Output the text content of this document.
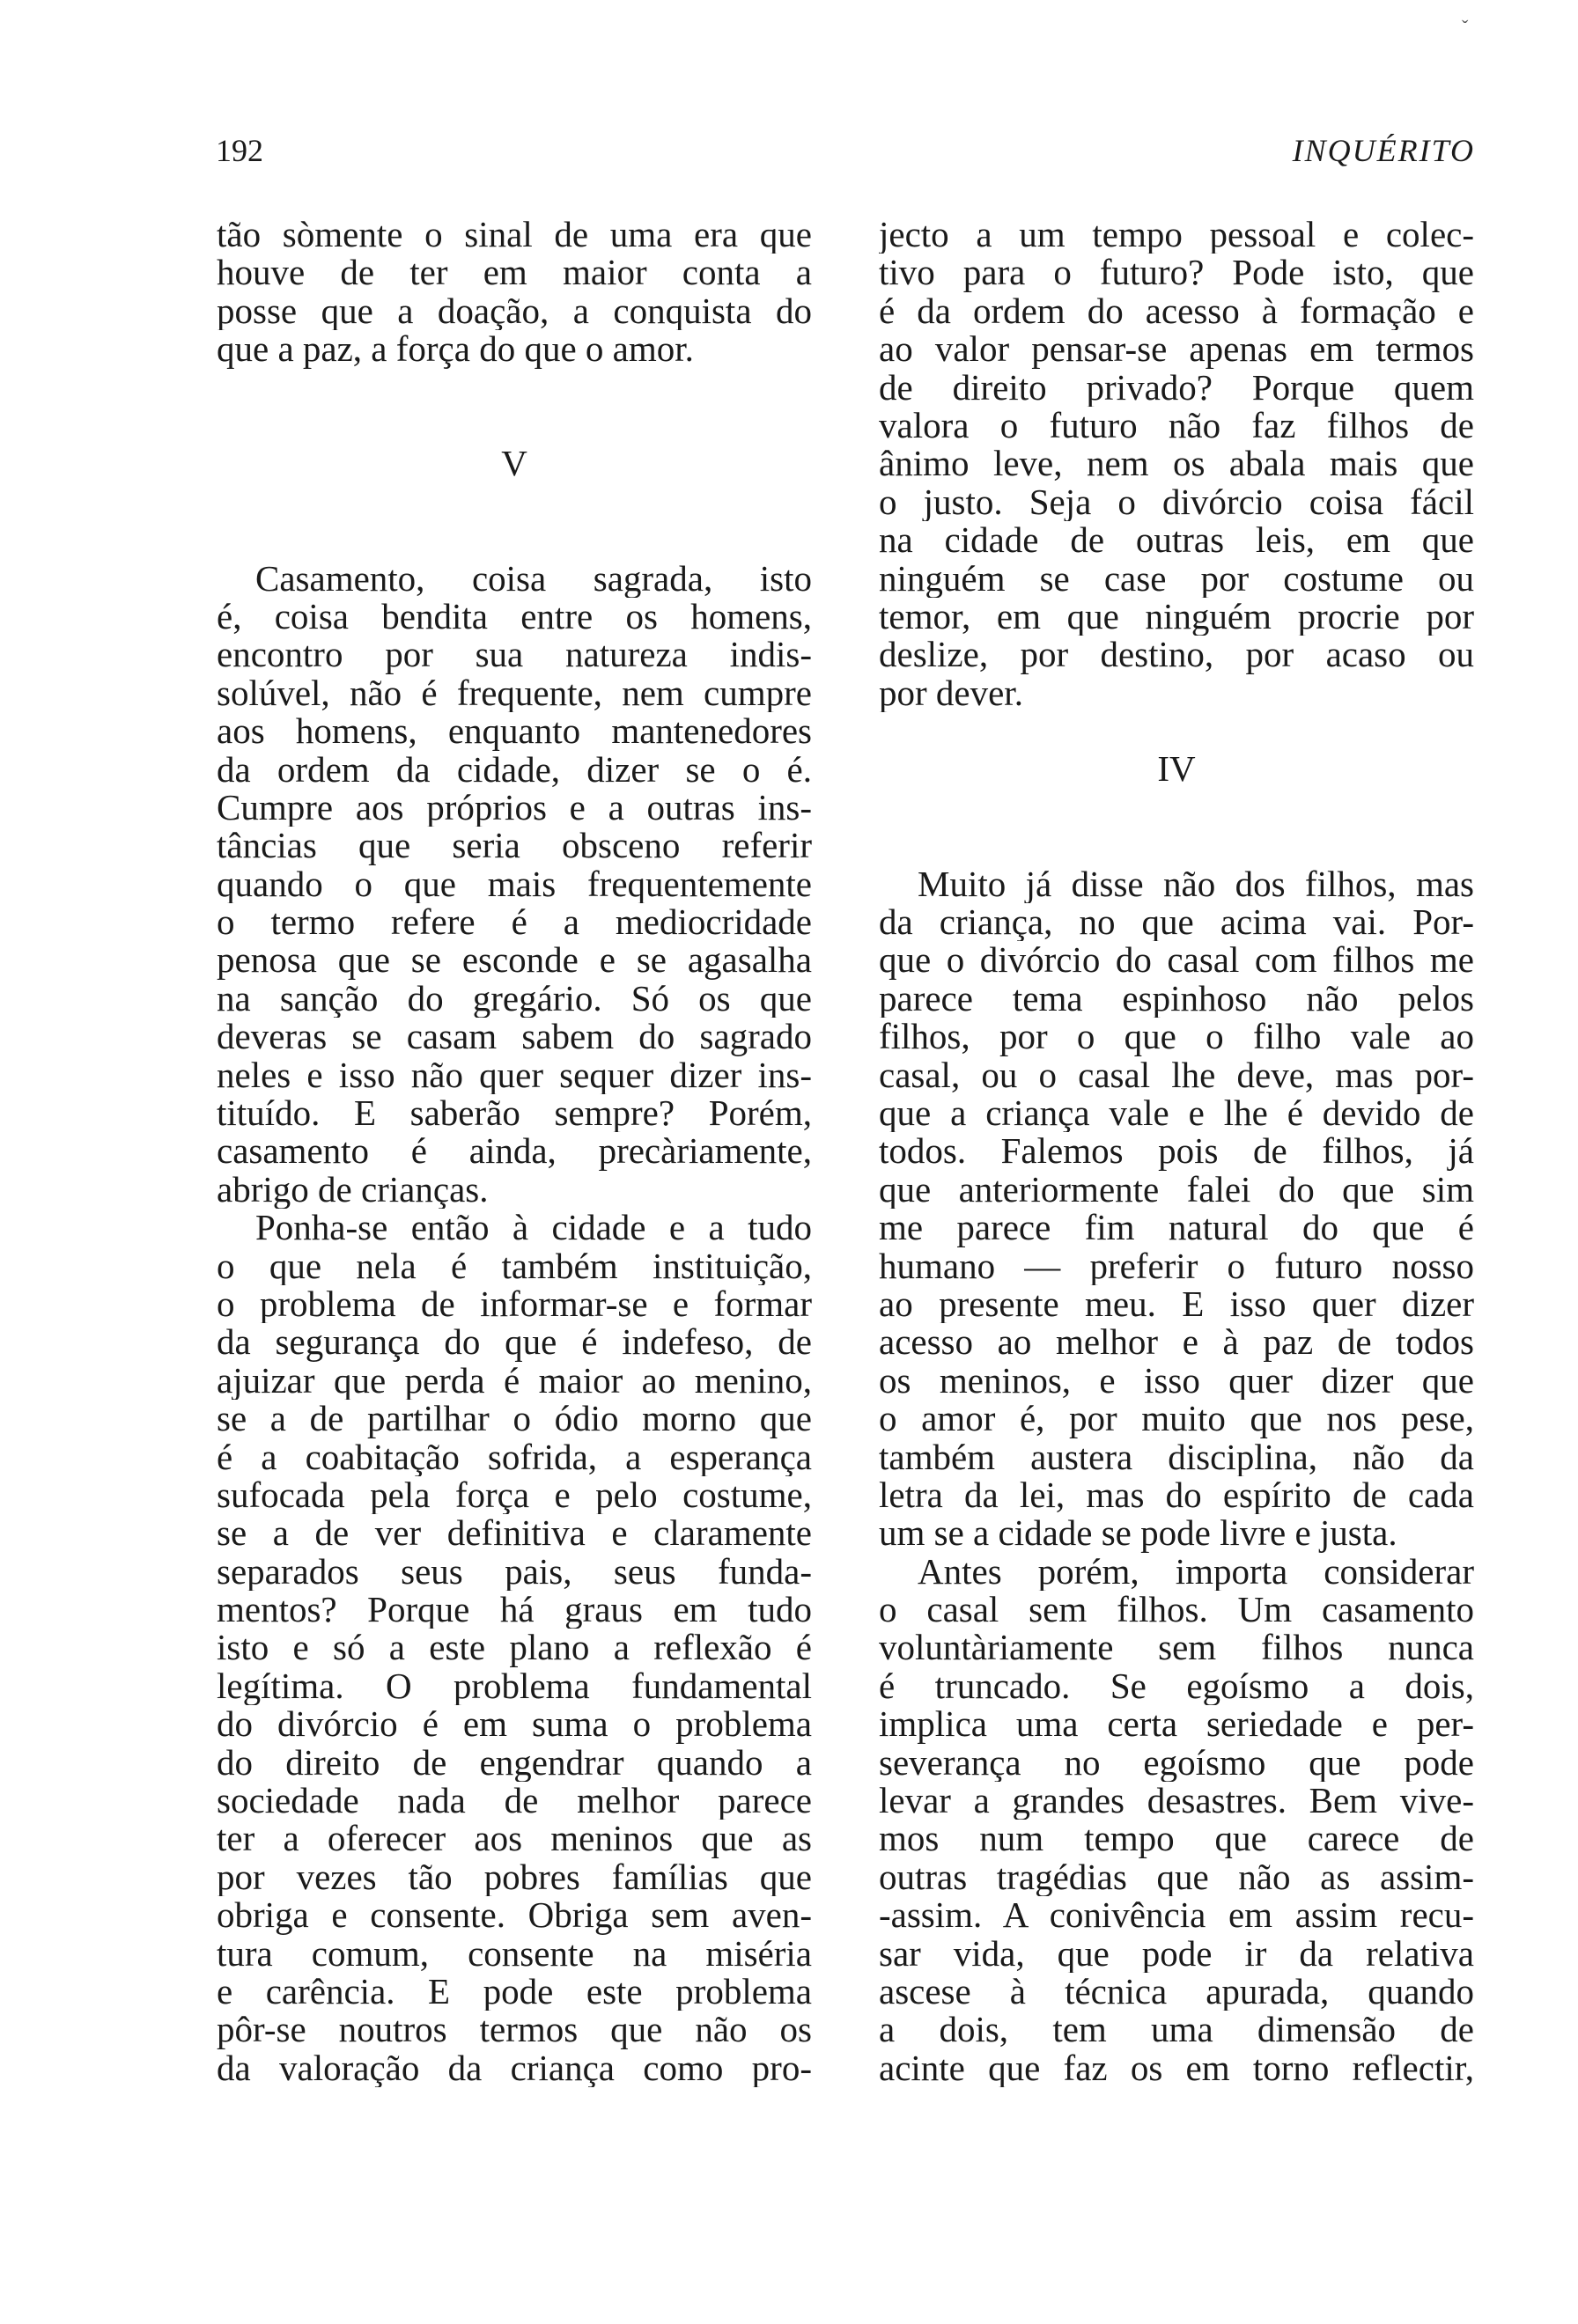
ˇ
192	INQUÉRITO
tão sòmente o sinal de uma era que
houve de ter em maior conta a
posse que a doação, a conquista do
que a paz, a força do que o amor.
V
Casamento, coisa sagrada, isto
é, coisa bendita entre os homens,
encontro por sua natureza indis-
solúvel, não é frequente, nem cumpre
aos homens, enquanto mantenedores
da ordem da cidade, dizer se o é.
Cumpre aos próprios e a outras ins-
tâncias que seria obsceno referir
quando o que mais frequentemente
o termo refere é a mediocridade
penosa que se esconde e se agasalha
na sanção do gregário. Só os que
deveras se casam sabem do sagrado
neles e isso não quer sequer dizer ins-
tituído. E saberão sempre? Porém,
casamento é ainda, precàriamente,
abrigo de crianças.
Ponha-se então à cidade e a tudo
o que nela é também instituição,
o problema de informar-se e formar
da segurança do que é indefeso, de
ajuizar que perda é maior ao menino,
se a de partilhar o ódio morno que
é a coabitação sofrida, a esperança
sufocada pela força e pelo costume,
se a de ver definitiva e claramente
separados seus pais, seus funda-
mentos? Porque há graus em tudo
isto e só a este plano a reflexão é
legítima. O problema fundamental
do divórcio é em suma o problema
do direito de engendrar quando a
sociedade nada de melhor parece
ter a oferecer aos meninos que as
por vezes tão pobres famílias que
obriga e consente. Obriga sem aven-
tura comum, consente na miséria
e carência. E pode este problema
pôr-se noutros termos que não os
da valoração da criança como pro-
jecto a um tempo pessoal e colec-
tivo para o futuro? Pode isto, que
é da ordem do acesso à formação e
ao valor pensar-se apenas em termos
de direito privado? Porque quem
valora o futuro não faz filhos de
ânimo leve, nem os abala mais que
o justo. Seja o divórcio coisa fácil
na cidade de outras leis, em que
ninguém se case por costume ou
temor, em que ninguém procrie por
deslize, por destino, por acaso ou
por dever.
IV
Muito já disse não dos filhos, mas
da criança, no que acima vai. Por-
que o divórcio do casal com filhos me
parece tema espinhoso não pelos
filhos, por o que o filho vale ao
casal, ou o casal lhe deve, mas por-
que a criança vale e lhe é devido de
todos. Falemos pois de filhos, já
que anteriormente falei do que sim
me parece fim natural do que é
humano — preferir o futuro nosso
ao presente meu. E isso quer dizer
acesso ao melhor e à paz de todos
os meninos, e isso quer dizer que
o amor é, por muito que nos pese,
também austera disciplina, não da
letra da lei, mas do espírito de cada
um se a cidade se pode livre e justa.
Antes porém, importa considerar
o casal sem filhos. Um casamento
voluntàriamente sem filhos nunca
é truncado. Se egoísmo a dois,
implica uma certa seriedade e per-
severança no egoísmo que pode
levar a grandes desastres. Bem vive-
mos num tempo que carece de
outras tragédias que não as assim-
-assim. A conivência em assim recu-
sar vida, que pode ir da relativa
ascese à técnica apurada, quando
a dois, tem uma dimensão de
acinte que faz os em torno reflectir,
